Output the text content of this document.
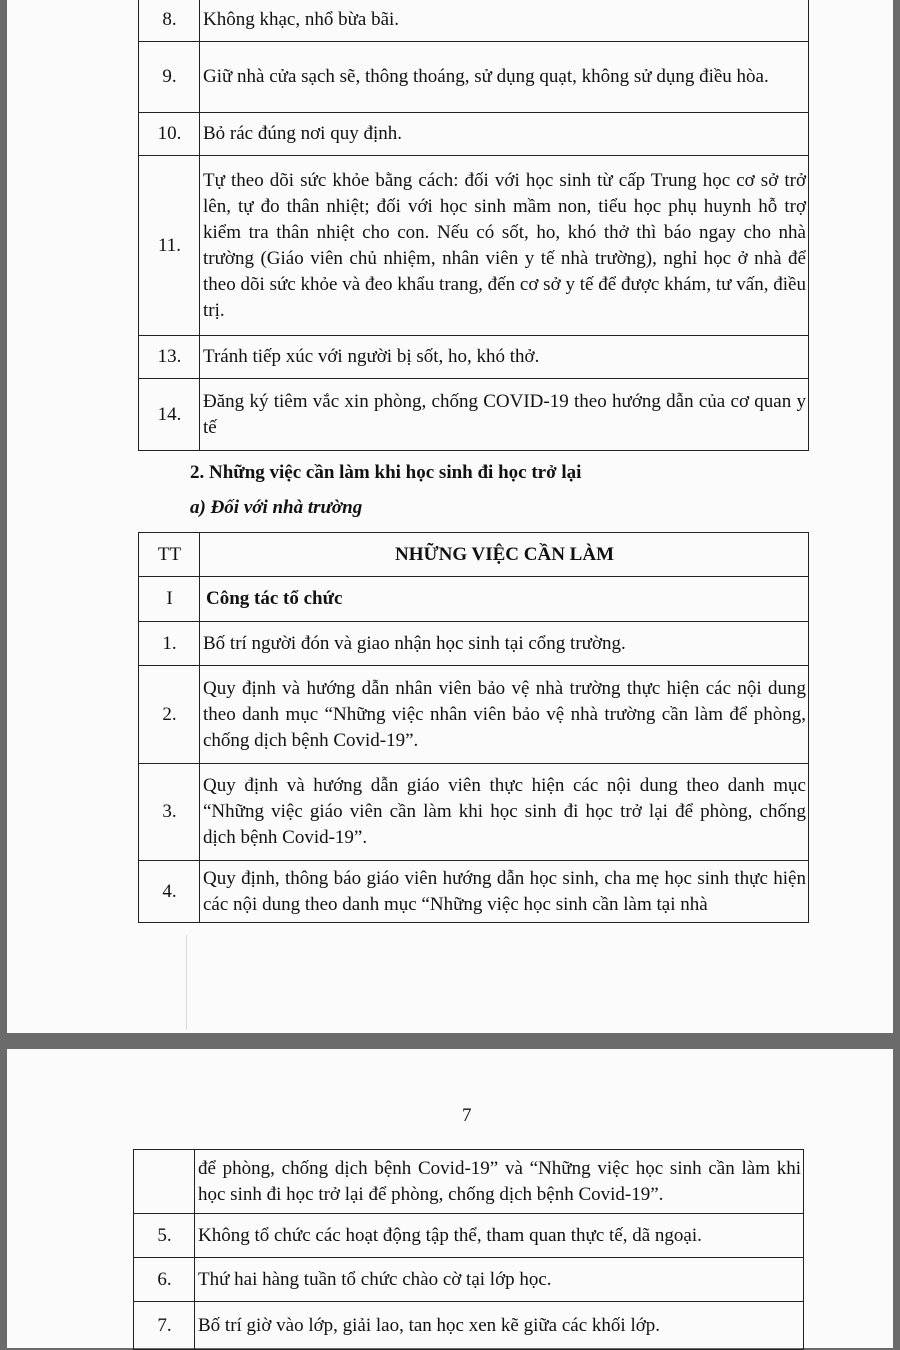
8.	Không khạc, nhổ bừa bãi.
9.	Giữ nhà cửa sạch sẽ, thông thoáng, sử dụng quạt, không sử dụng điều hòa.
10.	Bỏ rác đúng nơi quy định.
11.	Tự theo dõi sức khỏe bằng cách: đối với học sinh từ cấp Trung học cơ sở trở lên, tự đo thân nhiệt; đối với học sinh mầm non, tiểu học phụ huynh hỗ trợ kiểm tra thân nhiệt cho con. Nếu có sốt, ho, khó thở thì báo ngay cho nhà trường (Giáo viên chủ nhiệm, nhân viên y tế nhà trường), nghỉ học ở nhà để theo dõi sức khỏe và đeo khẩu trang, đến cơ sở y tế để được khám, tư vấn, điều trị.
13.	Tránh tiếp xúc với người bị sốt, ho, khó thở.
14.	Đăng ký tiêm vắc xin phòng, chống COVID-19 theo hướng dẫn của cơ quan y tế
2. Những việc cần làm khi học sinh đi học trở lại
a) Đối với nhà trường
TT	NHỮNG VIỆC CẦN LÀM
I	Công tác tổ chức
1.	Bố trí người đón và giao nhận học sinh tại cổng trường.
2.	Quy định và hướng dẫn nhân viên bảo vệ nhà trường thực hiện các nội dung theo danh mục “Những việc nhân viên bảo vệ nhà trường cần làm để phòng, chống dịch bệnh Covid-19”.
3.	Quy định và hướng dẫn giáo viên thực hiện các nội dung theo danh mục “Những việc giáo viên cần làm khi học sinh đi học trở lại để phòng, chống dịch bệnh Covid-19”.
4.	Quy định, thông báo giáo viên hướng dẫn học sinh, cha mẹ học sinh thực hiện các nội dung theo danh mục “Những việc học sinh cần làm tại nhà
7
	để phòng, chống dịch bệnh Covid-19” và “Những việc học sinh cần làm khi học sinh đi học trở lại để phòng, chống dịch bệnh Covid-19”.
5.	Không tổ chức các hoạt động tập thể, tham quan thực tế, dã ngoại.
6.	Thứ hai hàng tuần tổ chức chào cờ tại lớp học.
7.	Bố trí giờ vào lớp, giải lao, tan học xen kẽ giữa các khối lớp.
